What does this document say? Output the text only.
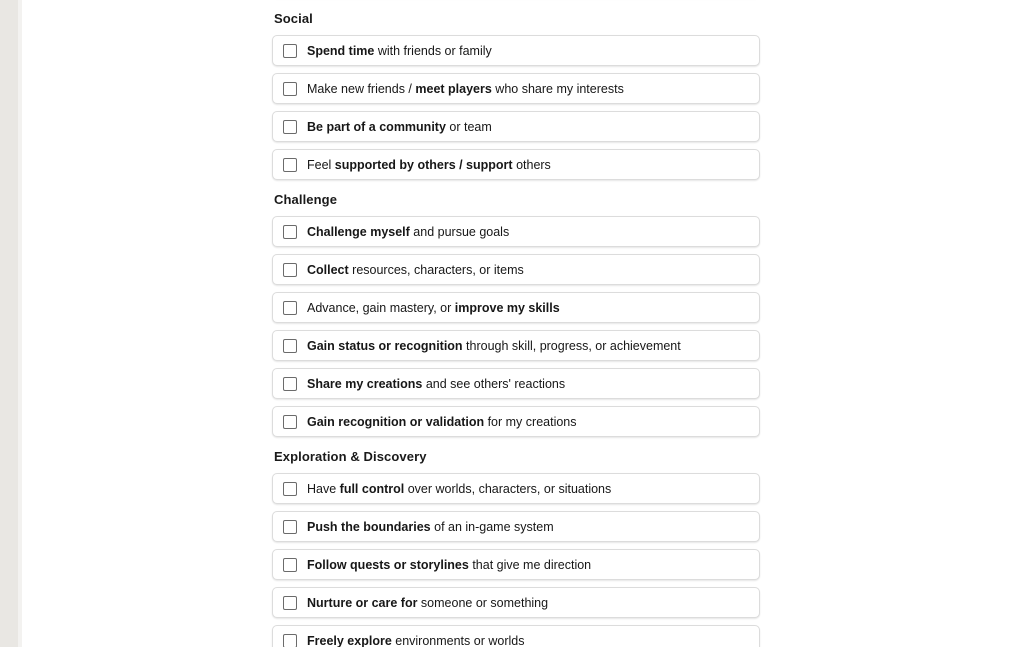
Social
Spend time with friends or family
Make new friends / meet players who share my interests
Be part of a community or team
Feel supported by others / support others
Challenge
Challenge myself and pursue goals
Collect resources, characters, or items
Advance, gain mastery, or improve my skills
Gain status or recognition through skill, progress, or achievement
Share my creations and see others' reactions
Gain recognition or validation for my creations
Exploration & Discovery
Have full control over worlds, characters, or situations
Push the boundaries of an in-game system
Follow quests or storylines that give me direction
Nurture or care for someone or something
Freely explore environments or worlds
